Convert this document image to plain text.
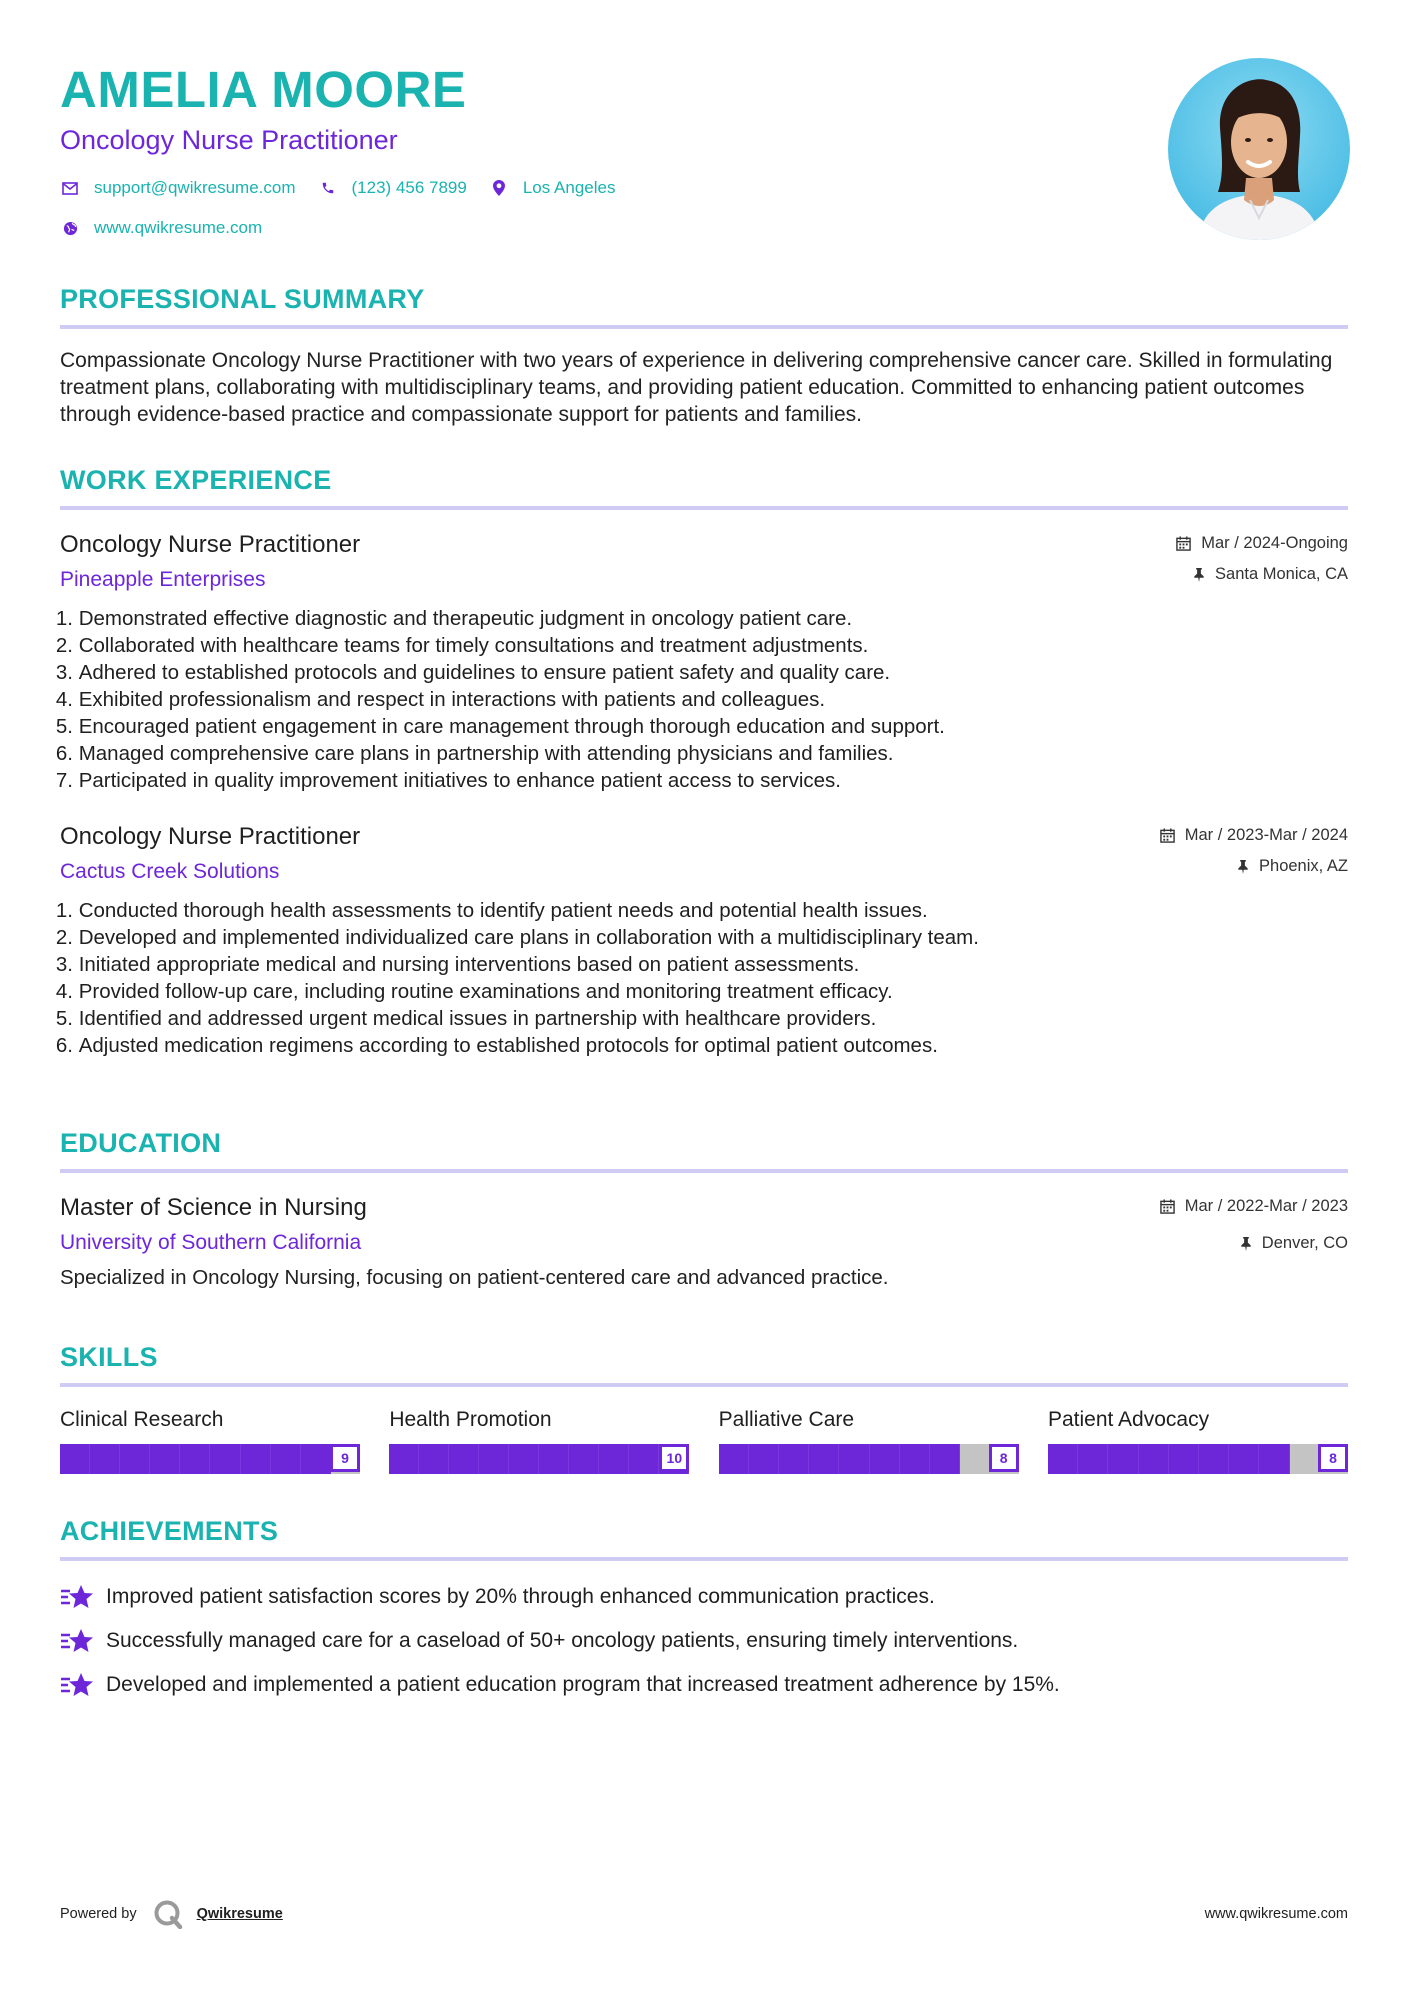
AMELIA MOORE
Oncology Nurse Practitioner
support@qwikresume.com	(123) 456 7899	Los Angeles
www.qwikresume.com
PROFESSIONAL SUMMARY
Compassionate Oncology Nurse Practitioner with two years of experience in delivering comprehensive cancer care. Skilled in formulating treatment plans, collaborating with multidisciplinary teams, and providing patient education. Committed to enhancing patient outcomes through evidence-based practice and compassionate support for patients and families.
WORK EXPERIENCE
Oncology Nurse Practitioner
Pineapple Enterprises
Mar / 2024-Ongoing
Santa Monica, CA
1.
Demonstrated effective diagnostic and therapeutic judgment in oncology patient care.
2.
Collaborated with healthcare teams for timely consultations and treatment adjustments.
3.
Adhered to established protocols and guidelines to ensure patient safety and quality care.
4.
Exhibited professionalism and respect in interactions with patients and colleagues.
5.
Encouraged patient engagement in care management through thorough education and support.
6.
Managed comprehensive care plans in partnership with attending physicians and families.
7.
Participated in quality improvement initiatives to enhance patient access to services.
Oncology Nurse Practitioner
Cactus Creek Solutions
Mar / 2023-Mar / 2024
Phoenix, AZ
1.
Conducted thorough health assessments to identify patient needs and potential health issues.
2.
Developed and implemented individualized care plans in collaboration with a multidisciplinary team.
3.
Initiated appropriate medical and nursing interventions based on patient assessments.
4.
Provided follow-up care, including routine examinations and monitoring treatment efficacy.
5.
Identified and addressed urgent medical issues in partnership with healthcare providers.
6.
Adjusted medication regimens according to established protocols for optimal patient outcomes.
EDUCATION
Master of Science in Nursing
University of Southern California
Mar / 2022-Mar / 2023
Denver, CO
Specialized in Oncology Nursing, focusing on patient-centered care and advanced practice.
SKILLS
Clinical Research
9
Health Promotion
10
Palliative Care
8
Patient Advocacy
8
ACHIEVEMENTS
Improved patient satisfaction scores by 20% through enhanced communication practices.
Successfully managed care for a caseload of 50+ oncology patients, ensuring timely interventions.
Developed and implemented a patient education program that increased treatment adherence by 15%.
Powered by	Qwikresume	www.qwikresume.com
